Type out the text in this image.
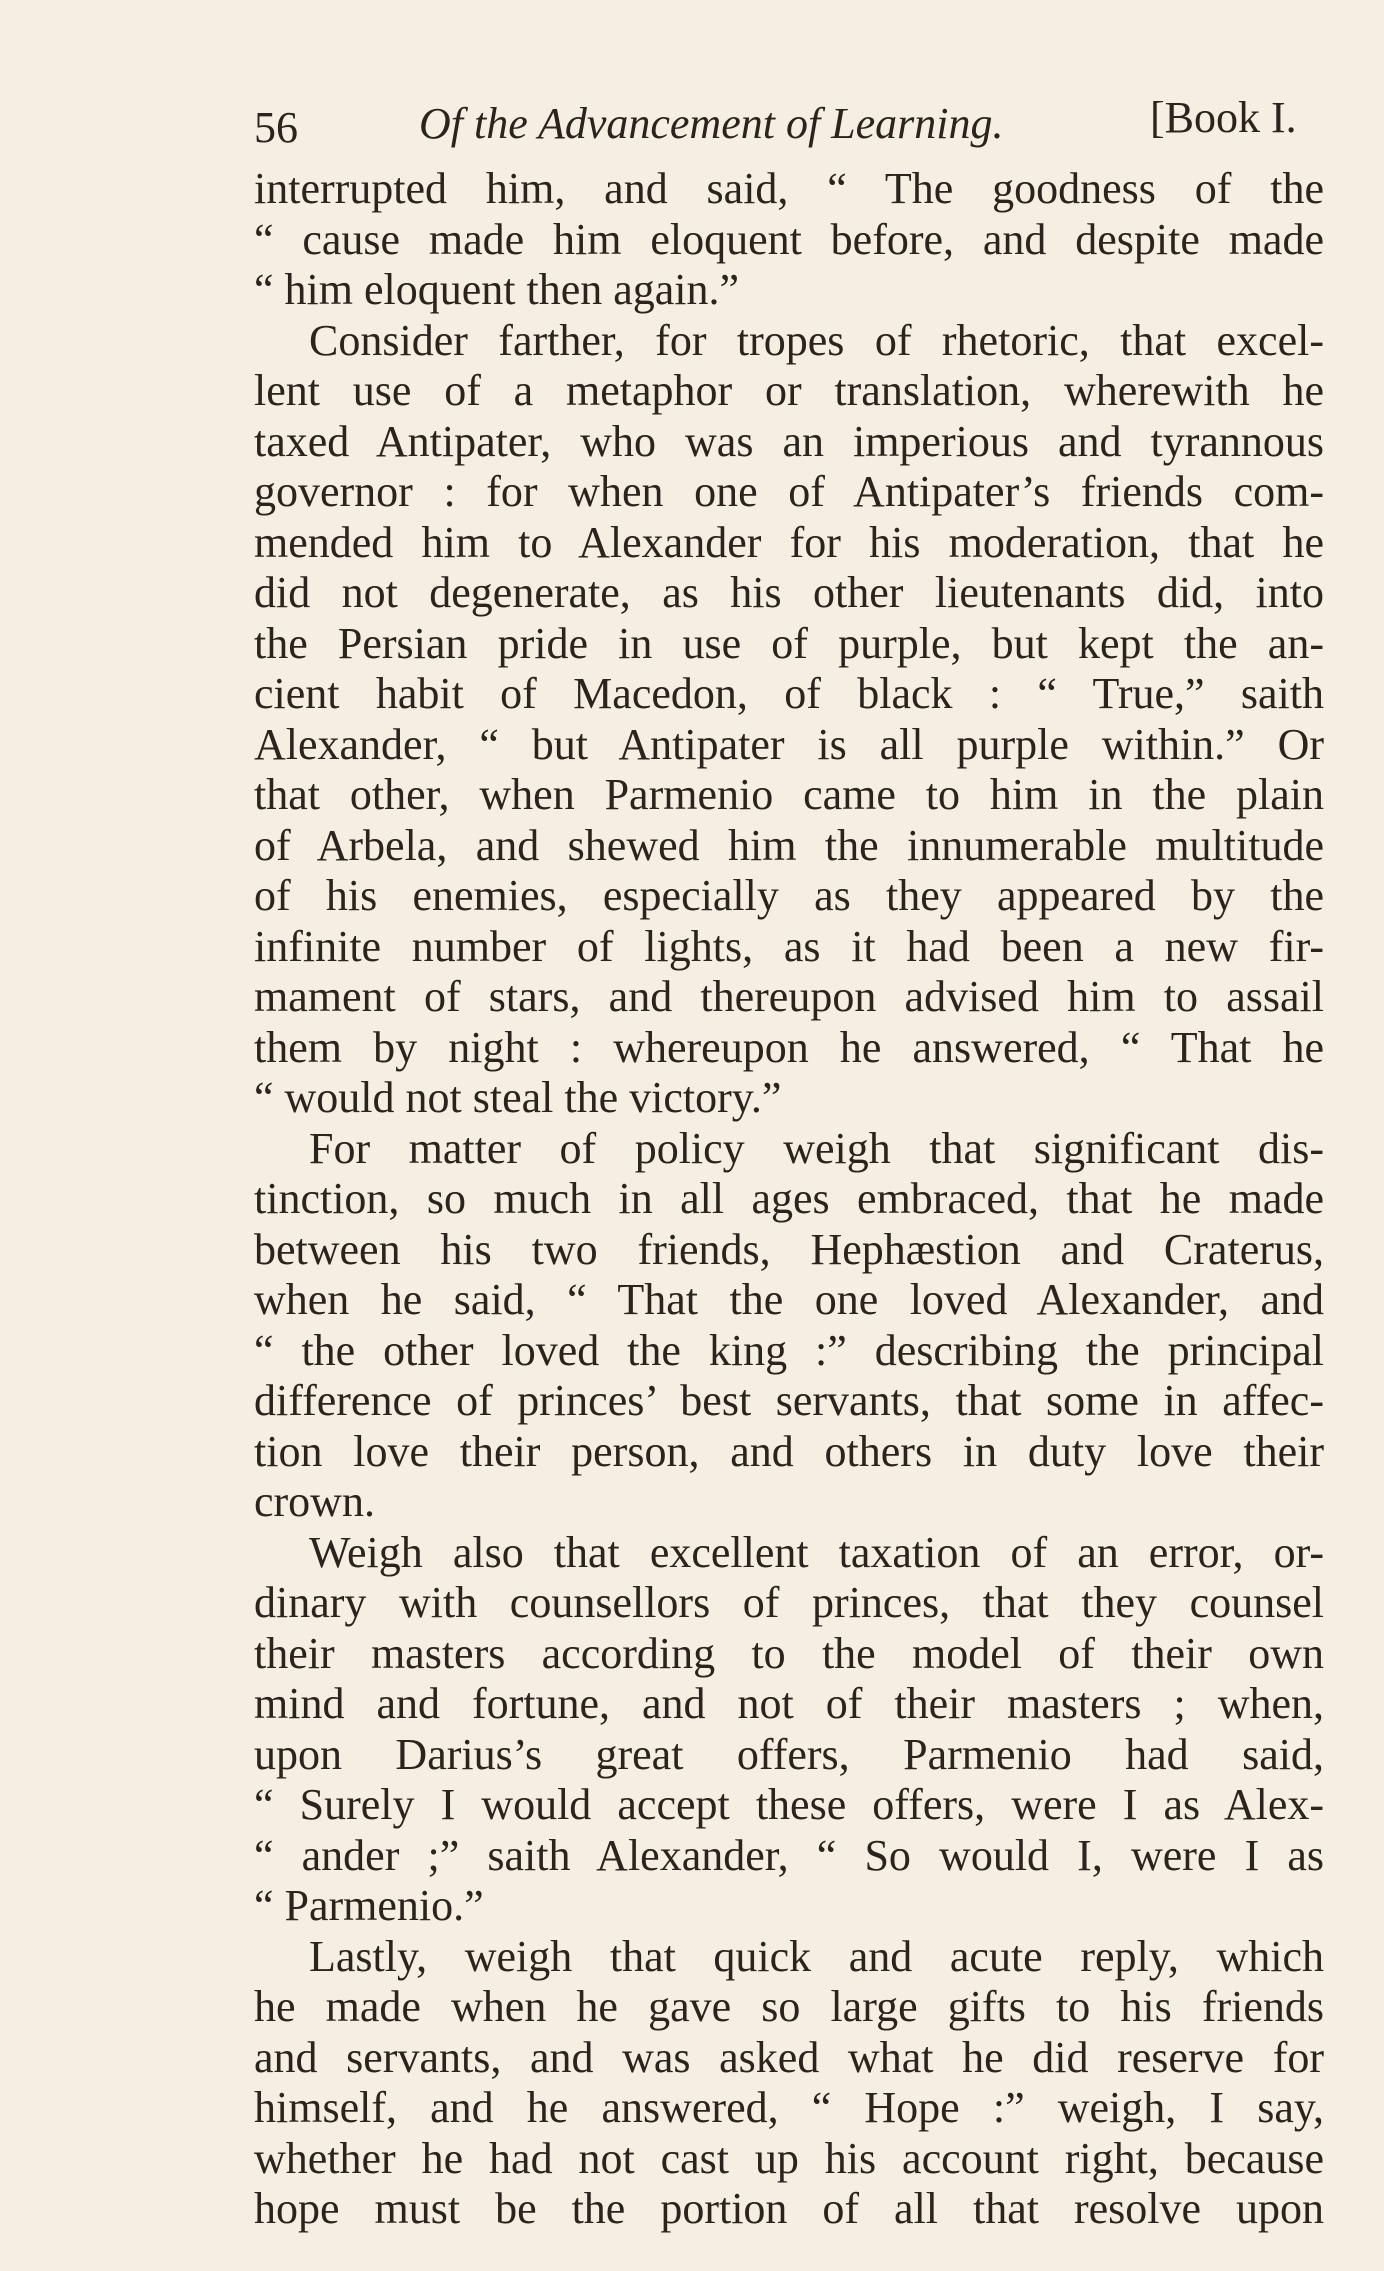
56	Of the Advancement of Learning.	[Book I.
interrupted him, and said, “ The goodness of the
“ cause made him eloquent before, and despite made
“ him eloquent then again.”
Consider farther, for tropes of rhetoric, that excel-
lent use of a metaphor or translation, wherewith he
taxed Antipater, who was an imperious and tyrannous
governor : for when one of Antipater’s friends com-
mended him to Alexander for his moderation, that he
did not degenerate, as his other lieutenants did, into
the Persian pride in use of purple, but kept the an-
cient habit of Macedon, of black : “ True,” saith
Alexander, “ but Antipater is all purple within.” Or
that other, when Parmenio came to him in the plain
of Arbela, and shewed him the innumerable multitude
of his enemies, especially as they appeared by the
infinite number of lights, as it had been a new fir-
mament of stars, and thereupon advised him to assail
them by night : whereupon he answered, “ That he
“ would not steal the victory.”
For matter of policy weigh that significant dis-
tinction, so much in all ages embraced, that he made
between his two friends, Hephæstion and Craterus,
when he said, “ That the one loved Alexander, and
“ the other loved the king :” describing the principal
difference of princes’ best servants, that some in affec-
tion love their person, and others in duty love their
crown.
Weigh also that excellent taxation of an error, or-
dinary with counsellors of princes, that they counsel
their masters according to the model of their own
mind and fortune, and not of their masters ; when,
upon Darius’s great offers, Parmenio had said,
“ Surely I would accept these offers, were I as Alex-
“ ander ;” saith Alexander, “ So would I, were I as
“ Parmenio.”
Lastly, weigh that quick and acute reply, which
he made when he gave so large gifts to his friends
and servants, and was asked what he did reserve for
himself, and he answered, “ Hope :” weigh, I say,
whether he had not cast up his account right, because
hope must be the portion of all that resolve upon
